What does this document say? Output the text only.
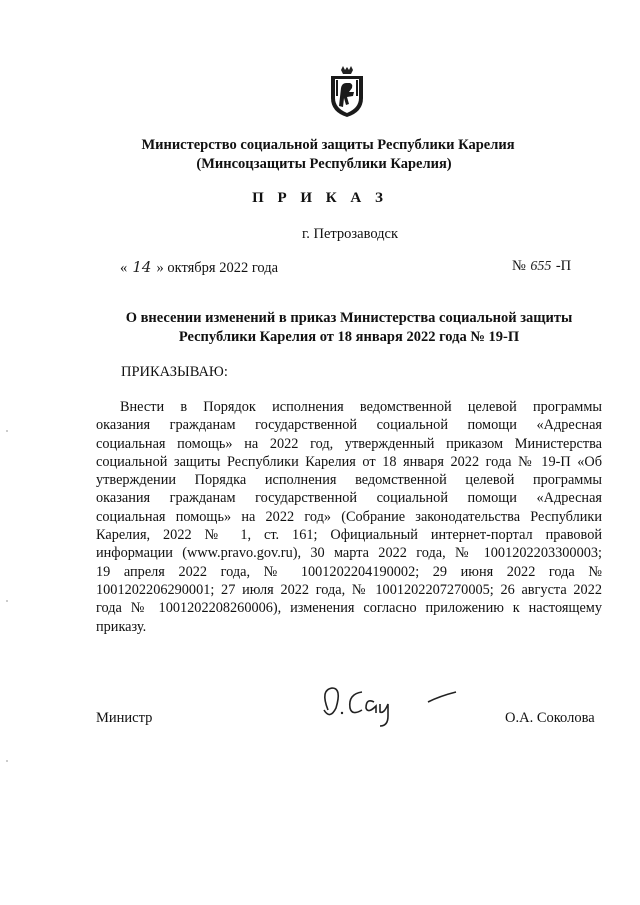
Министерство социальной защиты Республики Карелия
(Минсоцзащиты Республики Карелия)
П Р И К А З
г. Петрозаводск
« 14 » октября 2022 года	№ 655 -П
О внесении изменений в приказ Министерства социальной защиты
Республики Карелия от 18 января 2022 года № 19-П
ПРИКАЗЫВАЮ:
Внести в Порядок исполнения ведомственной целевой программы
оказания гражданам государственной социальной помощи «Адресная
социальная помощь» на 2022 год, утвержденный приказом Министерства
социальной защиты Республики Карелия от 18 января 2022 года № 19-П «Об
утверждении Порядка исполнения ведомственной целевой программы
оказания гражданам государственной социальной помощи «Адресная
социальная помощь» на 2022 год» (Собрание законодательства Республики
Карелия, 2022 № 1, ст. 161; Официальный интернет-портал правовой
информации (www.pravo.gov.ru), 30 марта 2022 года, № 1001202203300003;
19 апреля 2022 года, № 1001202204190002; 29 июня 2022 года №
1001202206290001; 27 июля 2022 года, № 1001202207270005; 26 августа 2022
года № 1001202208260006), изменения согласно приложению к настоящему
приказу.
Министр	О.А. Соколова
